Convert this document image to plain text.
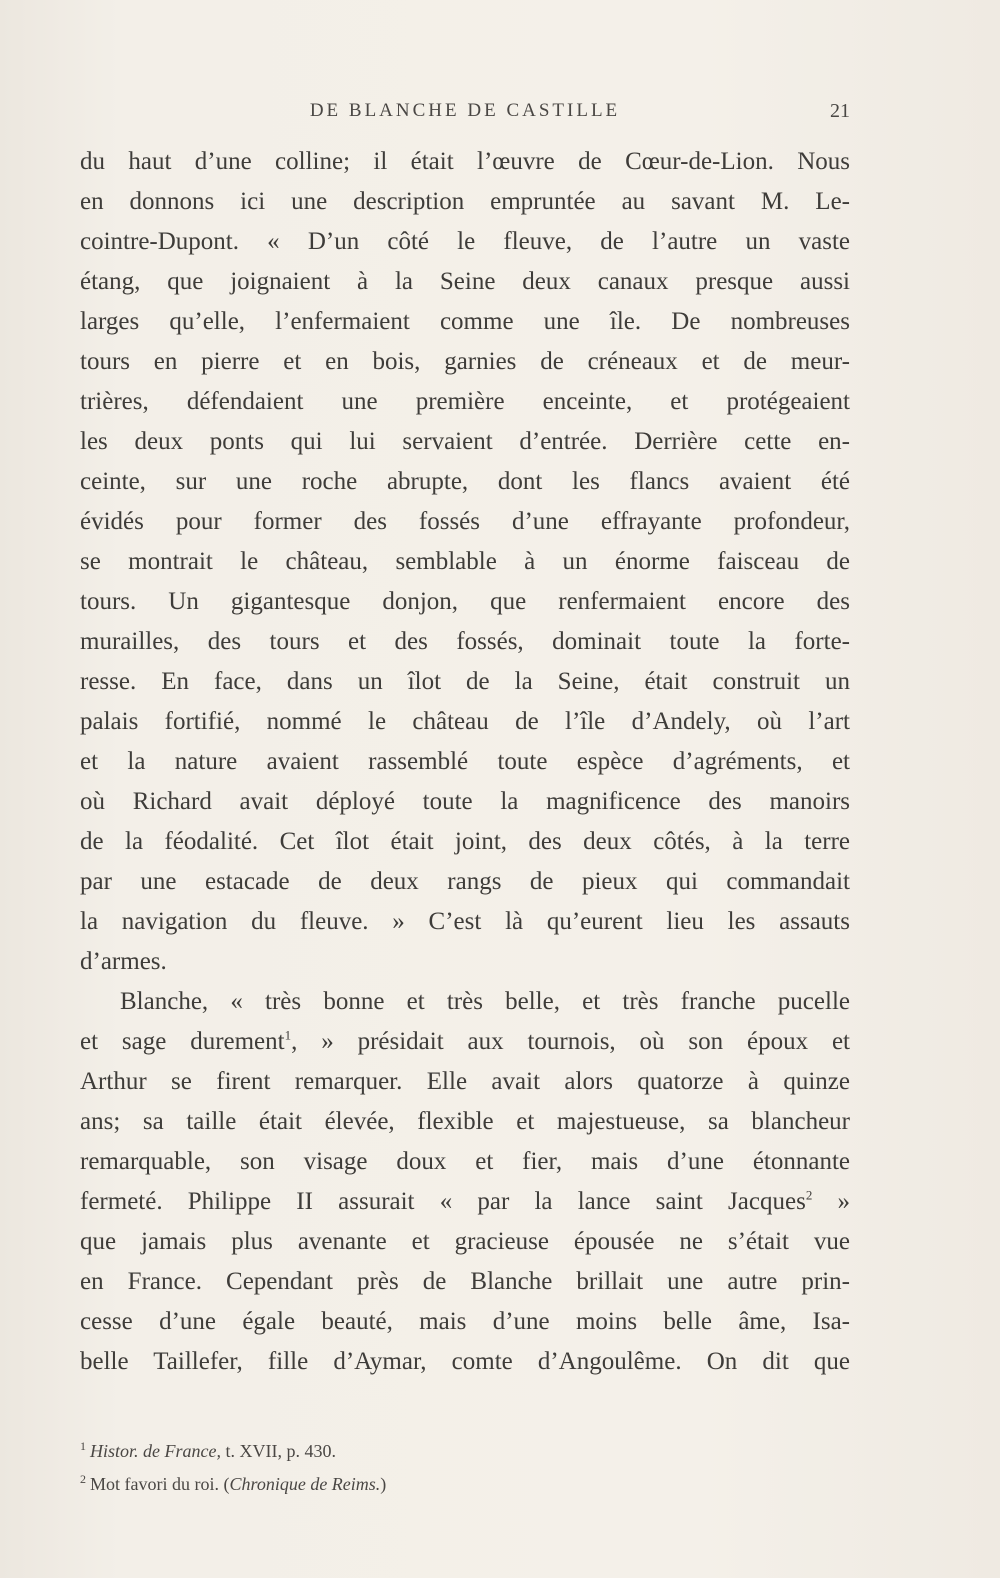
DE BLANCHE DE CASTILLE	21
du haut d’une colline; il était l’œuvre de Cœur-de-Lion. Nous
en donnons ici une description empruntée au savant M. Le-
cointre-Dupont. « D’un côté le fleuve, de l’autre un vaste
étang, que joignaient à la Seine deux canaux presque aussi
larges qu’elle, l’enfermaient comme une île. De nombreuses
tours en pierre et en bois, garnies de créneaux et de meur-
trières, défendaient une première enceinte, et protégeaient
les deux ponts qui lui servaient d’entrée. Derrière cette en-
ceinte, sur une roche abrupte, dont les flancs avaient été
évidés pour former des fossés d’une effrayante profondeur,
se montrait le château, semblable à un énorme faisceau de
tours. Un gigantesque donjon, que renfermaient encore des
murailles, des tours et des fossés, dominait toute la forte-
resse. En face, dans un îlot de la Seine, était construit un
palais fortifié, nommé le château de l’île d’Andely, où l’art
et la nature avaient rassemblé toute espèce d’agréments, et
où Richard avait déployé toute la magnificence des manoirs
de la féodalité. Cet îlot était joint, des deux côtés, à la terre
par une estacade de deux rangs de pieux qui commandait
la navigation du fleuve. » C’est là qu’eurent lieu les assauts
d’armes.
Blanche, « très bonne et très belle, et très franche pucelle
et sage durement$^1$, » présidait aux tournois, où son époux et
Arthur se firent remarquer. Elle avait alors quatorze à quinze
ans; sa taille était élevée, flexible et majestueuse, sa blancheur
remarquable, son visage doux et fier, mais d’une étonnante
fermeté. Philippe II assurait « par la lance saint Jacques$^2$ »
que jamais plus avenante et gracieuse épousée ne s’était vue
en France. Cependant près de Blanche brillait une autre prin-
cesse d’une égale beauté, mais d’une moins belle âme, Isa-
belle Taillefer, fille d’Aymar, comte d’Angoulême. On dit que
$^1$ Histor. de France, t. XVII, p. 430.
$^2$ Mot favori du roi. (Chronique de Reims.)
